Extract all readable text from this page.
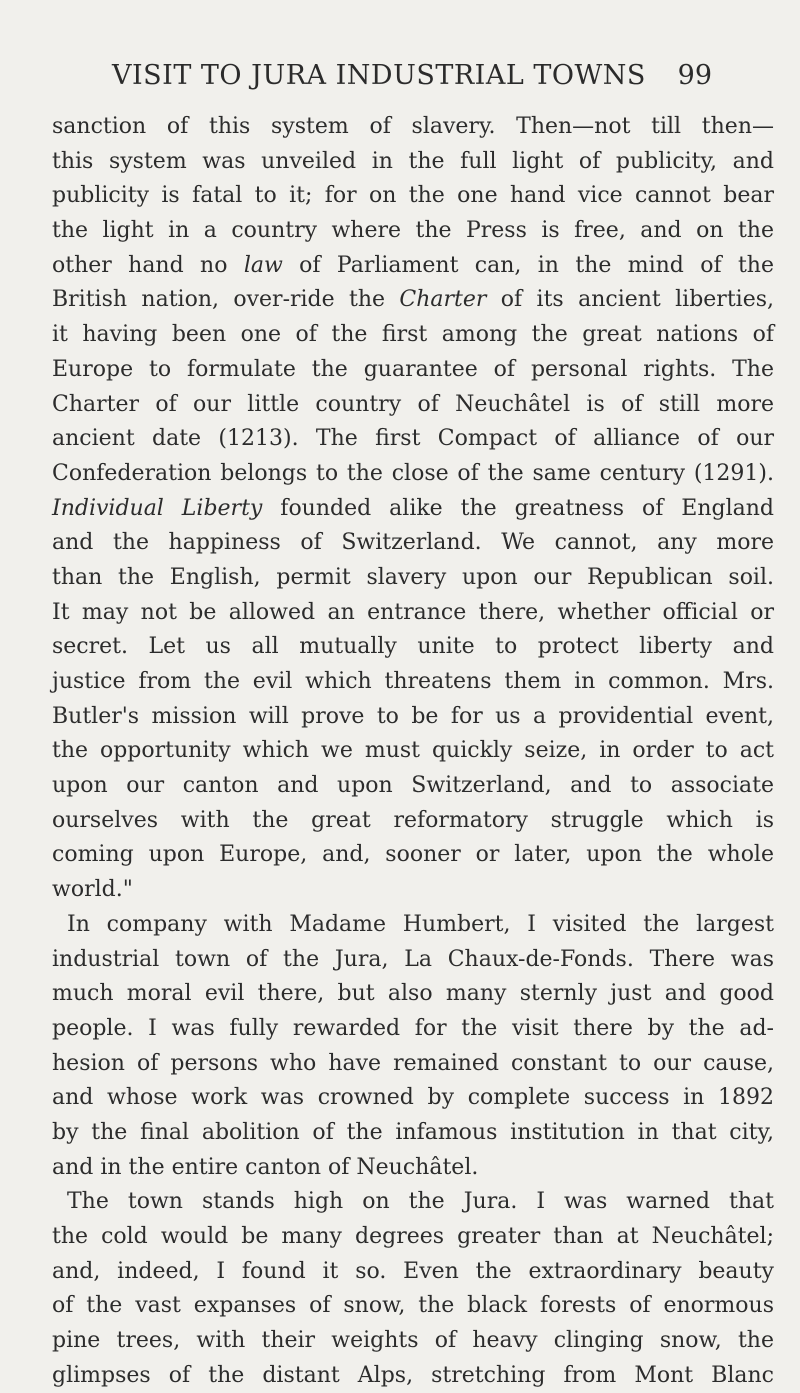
VISIT TO JURA INDUSTRIAL TOWNS 99
sanction of this system of slavery. Then—not till then—
this system was unveiled in the full light of publicity, and
publicity is fatal to it; for on the one hand vice cannot bear
the light in a country where the Press is free, and on the
other hand no law of Parliament can, in the mind of the
British nation, over-ride the Charter of its ancient liberties,
it having been one of the first among the great nations of
Europe to formulate the guarantee of personal rights. The
Charter of our little country of Neuchâtel is of still more
ancient date (1213). The first Compact of alliance of our
Confederation belongs to the close of the same century (1291).
Individual Liberty founded alike the greatness of England
and the happiness of Switzerland. We cannot, any more
than the English, permit slavery upon our Republican soil.
It may not be allowed an entrance there, whether official or
secret. Let us all mutually unite to protect liberty and
justice from the evil which threatens them in common. Mrs.
Butler's mission will prove to be for us a providential event,
the opportunity which we must quickly seize, in order to act
upon our canton and upon Switzerland, and to associate
ourselves with the great reformatory struggle which is
coming upon Europe, and, sooner or later, upon the whole
world."
In company with Madame Humbert, I visited the largest
industrial town of the Jura, La Chaux-de-Fonds. There was
much moral evil there, but also many sternly just and good
people. I was fully rewarded for the visit there by the ad-
hesion of persons who have remained constant to our cause,
and whose work was crowned by complete success in 1892
by the final abolition of the infamous institution in that city,
and in the entire canton of Neuchâtel.
The town stands high on the Jura. I was warned that
the cold would be many degrees greater than at Neuchâtel;
and, indeed, I found it so. Even the extraordinary beauty
of the vast expanses of snow, the black forests of enormous
pine trees, with their weights of heavy clinging snow, the
glimpses of the distant Alps, stretching from Mont Blanc
